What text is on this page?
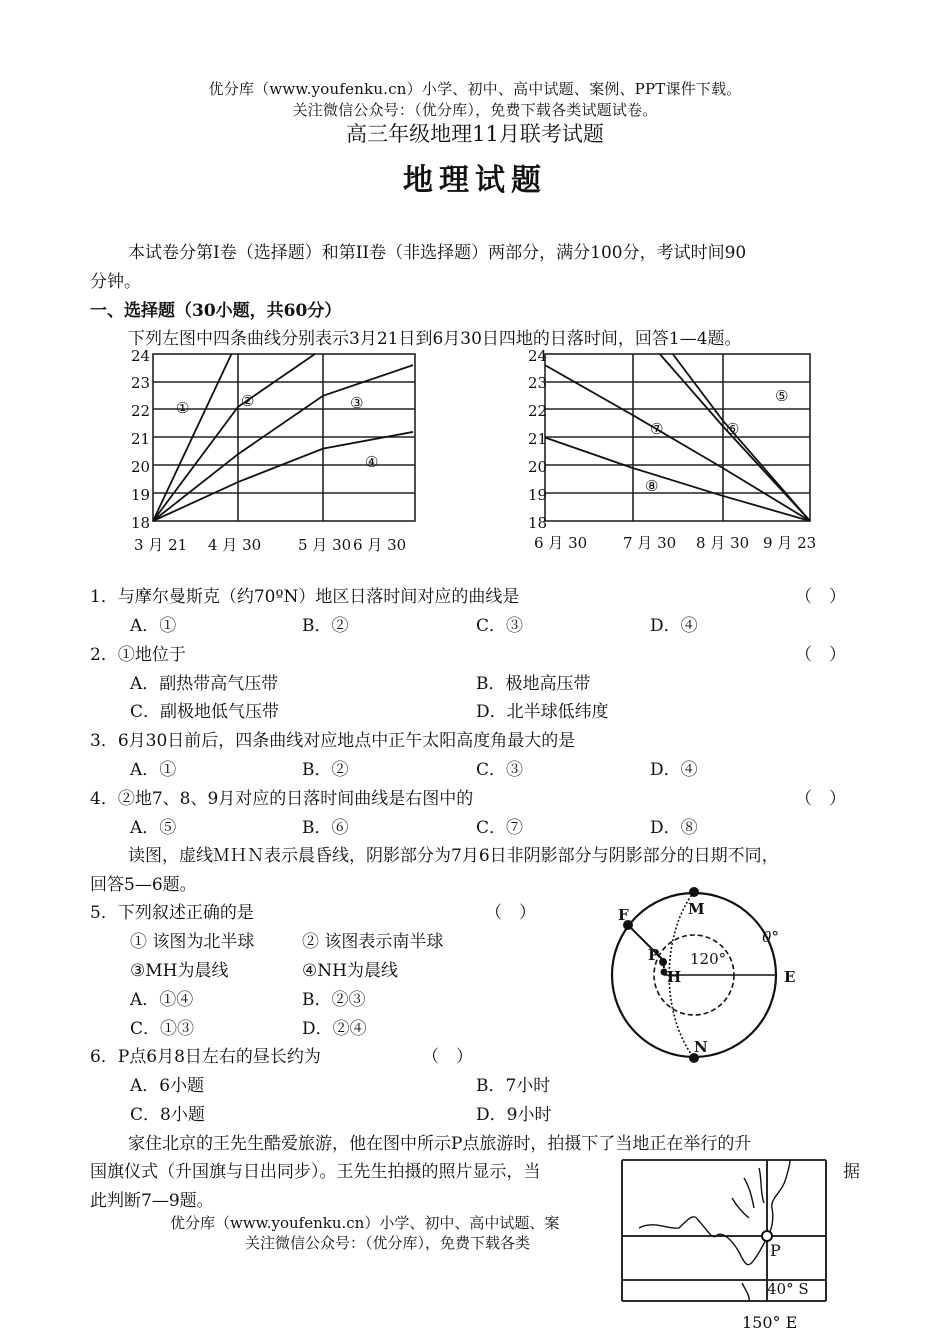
优分库（www.youfenku.cn）小学、初中、高中试题、案例、PPT课件下载。
关注微信公众号：（优分库），免费下载各类试题试卷。
高三年级地理11月联考试题
地理试题
本试卷分第I卷（选择题）和第II卷（非选择题）两部分，满分100分，考试时间90
分钟。
一、选择题（30小题，共60分）
下列左图中四条曲线分别表示3月21日到6月30日四地的日落时间，回答1—4题。
24
23
22
21
20
19
18
3 月 21 4 月 30 5 月 30 6 月 30
①	②	③
④
24
23
22
21
20
19
18
6 月 30 7 月 30 8 月 30 9 月 23
⑤
⑥
⑦
⑧
1．与摩尔曼斯克（约70ºN）地区日落时间对应的曲线是	（　）
A．①	B．②	C．③	D．④
2．①地位于	（　）
A．副热带高气压带	B．极地高压带
C．副极地低气压带	D．北半球低纬度
3．6月30日前后，四条曲线对应地点中正午太阳高度角最大的是
A．①	B．②	C．③	D．④
4．②地7、8、9月对应的日落时间曲线是右图中的	（　）
A．⑤	B．⑥	C．⑦	D．⑧
读图，虚线ＭＨＮ表示晨昏线，阴影部分为7月6日非阴影部分与阴影部分的日期不同，
回答5—6题。
5．下列叙述正确的是	（　）
① 该图为北半球	② 该图表示南半球
③MH为晨线	④NH为晨线
A．①④	B．②③
C．①③	D．②④
6．P点6月8日左右的昼长约为	（　）
A．6小题	B．7小时
C．8小题	D．9小时
F	M
P
H	E
N
120°
0°
家住北京的王先生酷爱旅游，他在图中所示P点旅游时，拍摄下了当地正在举行的升
国旗仪式（升国旗与日出同步）。王先生拍摄的照片显示，当	据
此判断7—9题。
优分库（www.youfenku.cn）小学、初中、高中试题、案
关注微信公众号：（优分库），免费下载各类	P
40° S
150° E
